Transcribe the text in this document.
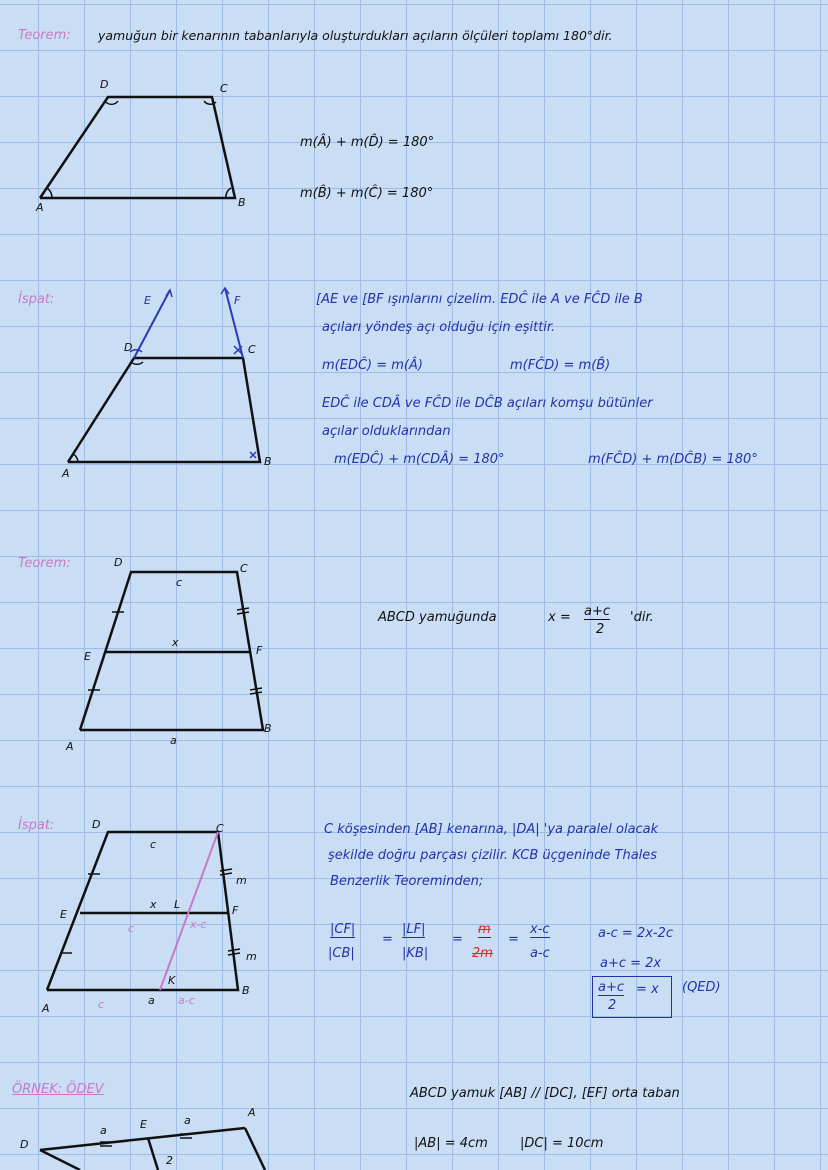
Teorem: yamuğun bir kenarının tabanlarıyla oluşturdukları açıların ölçüleri toplamı 180°dir.
A	B
C
D
m(Â) + m(D̂) = 180°
m(B̂) + m(Ĉ) = 180°
İspat:
A
B
C
D
E	F	[AE ve [BF ışınlarını çizelim. EDĈ ile A ve FĈD ile B
açıları yöndeş açı olduğu için eşittir.
m(EDĈ) = m(Â)	m(FĈD) = m(B̂)
EDĈ ile CDÂ ve FĈD ile DĈB açıları komşu bütünler
açılar olduklarından
m(EDĈ) + m(CDÂ) = 180°	m(FĈD) + m(DĈB) = 180°
Teorem:	D	C
E	F
A
B
c
x
a
ABCD yamuğunda	x = a+c
2
'dir.
İspat:	D	C
E	F
A
B
L
K
c
x
x-c
c
c	a a-c
m
m
C köşesinden [AB] kenarına, |DA| 'ya paralel olacak
şekilde doğru parçası çizilir. KCB üçgeninde Thales
Benzerlik Teoreminden;
|CF|
|CB|
=
|LF|
|KB|
=
m
2m
=
x-c
a-c
a-c = 2x-2c
a+c = 2x
a+c
2
= x (QED)
ÖRNEK: ÖDEV	ABCD yamuk [AB] // [DC], [EF] orta taban
|AB| = 4cm |DC| = 10cm
D
E
A
a
a
2
